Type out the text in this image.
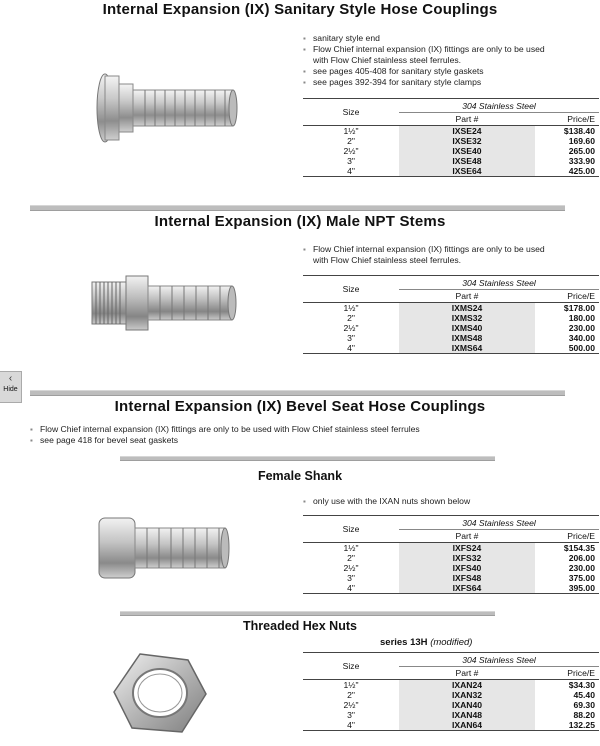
Internal Expansion (IX) Sanitary Style Hose Couplings
▪ sanitary style end
▪ Flow Chief internal expansion (IX) fittings are only to be used with Flow Chief stainless steel ferrules.
▪ see pages 405-408 for sanitary style gaskets
▪ see pages 392-394 for sanitary style clamps
Size	304 Stainless Steel	
	Part #	Price/E
1½"	IXSE24	$138.40
2"	IXSE32	169.60
2½"	IXSE40	265.00
3"	IXSE48	333.90
4"	IXSE64	425.00
Internal Expansion (IX) Male NPT Stems
▪ Flow Chief internal expansion (IX) fittings are only to be used with Flow Chief stainless steel ferrules.
Size	304 Stainless Steel	
	Part #	Price/E
1½"	IXMS24	$178.00
2"	IXMS32	180.00
2½"	IXMS40	230.00
3"	IXMS48	340.00
4"	IXMS64	500.00
‹
Hide
Internal Expansion (IX) Bevel Seat Hose Couplings
▪ Flow Chief internal expansion (IX) fittings are only to be used with Flow Chief stainless steel ferrules
▪ see page 418 for bevel seat gaskets
Female Shank
▪ only use with the IXAN nuts shown below
Size	304 Stainless Steel	
	Part #	Price/E
1½"	IXFS24	$154.35
2"	IXFS32	206.00
2½"	IXFS40	230.00
3"	IXFS48	375.00
4"	IXFS64	395.00
Threaded Hex Nuts
series 13H (modified)
Size	304 Stainless Steel	
	Part #	Price/E
1½"	IXAN24	$34.30
2"	IXAN32	45.40
2½"	IXAN40	69.30
3"	IXAN48	88.20
4"	IXAN64	132.25
